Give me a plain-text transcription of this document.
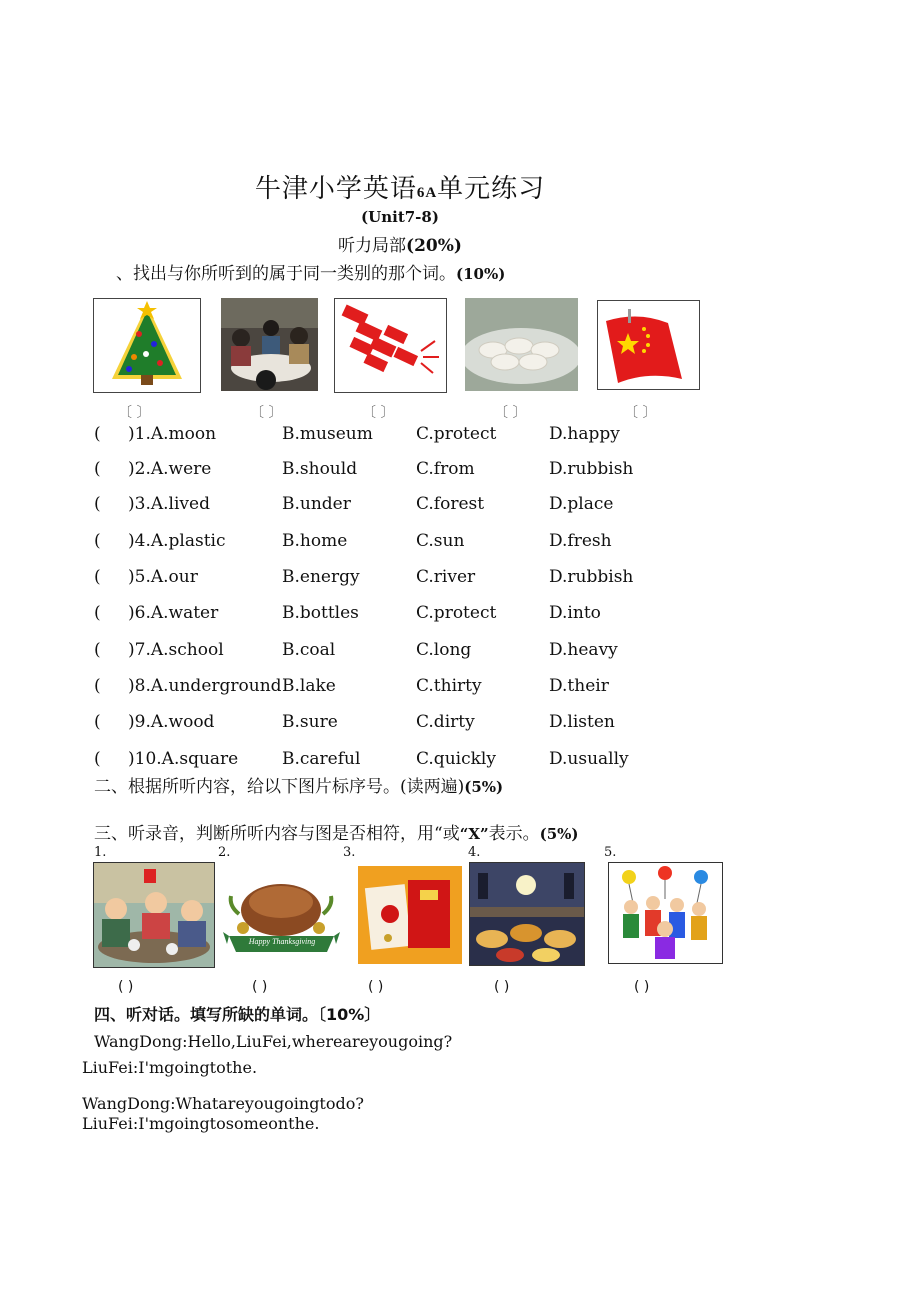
牛津小学英语6A单元练习
(Unit7-8)
听力局部(20%)
、找出与你所听到的属于同一类别的那个词。(10%)
〔 〕	〔 〕	〔 〕	〔 〕	〔 〕
( )1.A.moon	B.museum	C.protect	D.happy
( )2.A.were	B.should	C.from	D.rubbish
( )3.A.lived	B.under	C.forest	D.place
( )4.A.plastic	B.home	C.sun	D.fresh
( )5.A.our	B.energy	C.river	D.rubbish
( )6.A.water	B.bottles	C.protect	D.into
( )7.A.school	B.coal	C.long	D.heavy
( )8.A.underground B.lake	C.thirty	D.their
( )9.A.wood	B.sure	C.dirty	D.listen
( )10.A.square	B.careful	C.quickly	D.usually
二、根据所听内容，给以下图片标序号。(读两遍)(5%)
三、听录音，判断所听内容与图是否相符，用“或“X”表示。(5%)
1.	2.	3.	4.	5.
Happy Thanksgiving
( )	( )	( )	( )	( )
四、听对话。填写所缺的单词。〔10%〕
WangDong:Hello,LiuFei,whereareyougoing?
LiuFei:I'mgoingtothe.
WangDong:Whatareyougoingtodo?
LiuFei:I'mgoingtosomeonthe.
